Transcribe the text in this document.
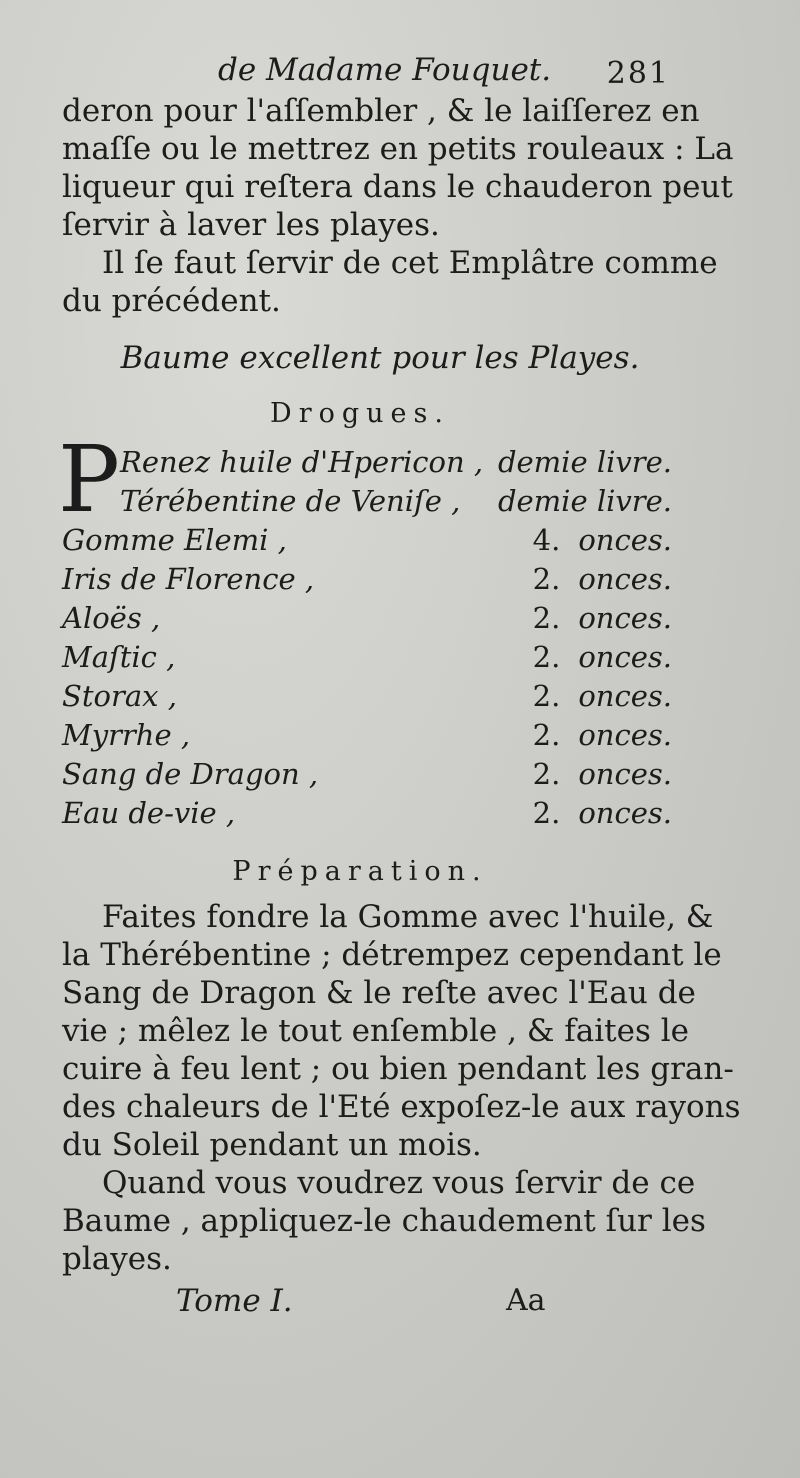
de Madame Fouquet. 281
deron pour l'aſſembler , & le laiſſerez en
maſſe ou le mettrez en petits rouleaux : La
liqueur qui reſtera dans le chauderon peut
ſervir à laver les playes.
Il ſe faut ſervir de cet Emplâtre comme
du précédent.
Baume excellent pour les Playes.
Drogues.
P Renez huile d'Hpericon , demie livre.
Térébentine de Veniſe ,	demie livre.
Gomme Elemi ,	4. onces.
Iris de Florence ,	2. onces.
Aloës ,	2. onces.
Maſtic ,	2. onces.
Storax ,	2. onces.
Myrrhe ,	2. onces.
Sang de Dragon ,	2. onces.
Eau de-vie ,	2. onces.
Préparation.
Faites fondre la Gomme avec l'huile, &
la Thérébentine ; détrempez cependant le
Sang de Dragon & le reſte avec l'Eau de
vie ; mêlez le tout enſemble , & faites le
cuire à feu lent ; ou bien pendant les gran-
des chaleurs de l'Eté expoſez-le aux rayons
du Soleil pendant un mois.
Quand vous voudrez vous ſervir de ce
Baume , appliquez-le chaudement ſur les
playes.
Tome I.	Aa
